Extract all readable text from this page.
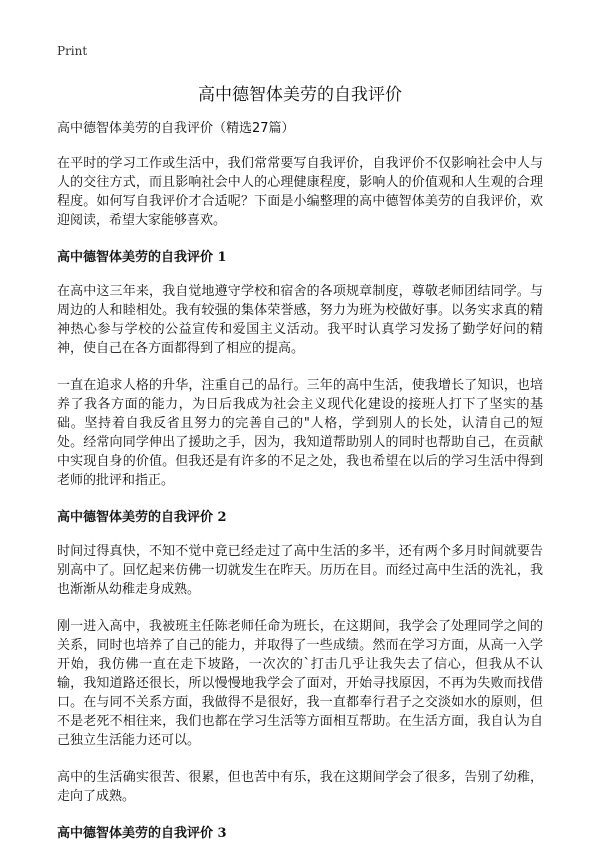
Print
高中德智体美劳的自我评价
高中德智体美劳的自我评价（精选27篇）

在平时的学习工作或生活中，我们常常要写自我评价，自我评价不仅影响社会中人与人的交往方式，而且影响社会中人的心理健康程度，影响人的价值观和人生观的合理程度。如何写自我评价才合适呢？下面是小编整理的高中德智体美劳的自我评价，欢迎阅读，希望大家能够喜欢。

高中德智体美劳的自我评价 1

在高中这三年来，我自觉地遵守学校和宿舍的各项规章制度，尊敬老师团结同学。与周边的人和睦相处。我有较强的集体荣誉感，努力为班为校做好事。以务实求真的精神热心参与学校的公益宣传和爱国主义活动。我平时认真学习发扬了勤学好问的精神，使自己在各方面都得到了相应的提高。

一直在追求人格的升华，注重自己的品行。三年的高中生活，使我增长了知识，也培养了我各方面的能力，为日后我成为社会主义现代化建设的接班人打下了坚实的基础。坚持着自我反省且努力的完善自己的"人格，学到别人的长处，认清自己的短处。经常向同学伸出了援助之手，因为，我知道帮助别人的同时也帮助自己，在贡献中实现自身的价值。但我还是有许多的不足之处，我也希望在以后的学习生活中得到老师的批评和指正。

高中德智体美劳的自我评价 2

时间过得真快，不知不觉中竟已经走过了高中生活的多半，还有两个多月时间就要告别高中了。回忆起来仿佛一切就发生在昨天。历历在目。而经过高中生活的洗礼，我也渐渐从幼稚走身成熟。

刚一进入高中，我被班主任陈老师任命为班长，在这期间，我学会了处理同学之间的关系，同时也培养了自己的能力，并取得了一些成绩。然而在学习方面，从高一入学开始，我仿佛一直在走下坡路，一次次的`打击几乎让我失去了信心，但我从不认输，我知道路还很长，所以慢慢地我学会了面对，开始寻找原因，不再为失败而找借口。在与同不关系方面，我做得不是很好，我一直都奉行君子之交淡如水的原则，但不是老死不相往来，我们也都在学习生活等方面相互帮助。在生活方面，我自认为自己独立生活能力还可以。

高中的生活确实很苦、很累，但也苦中有乐，我在这期间学会了很多，告别了幼稚，走向了成熟。

高中德智体美劳的自我评价 3
